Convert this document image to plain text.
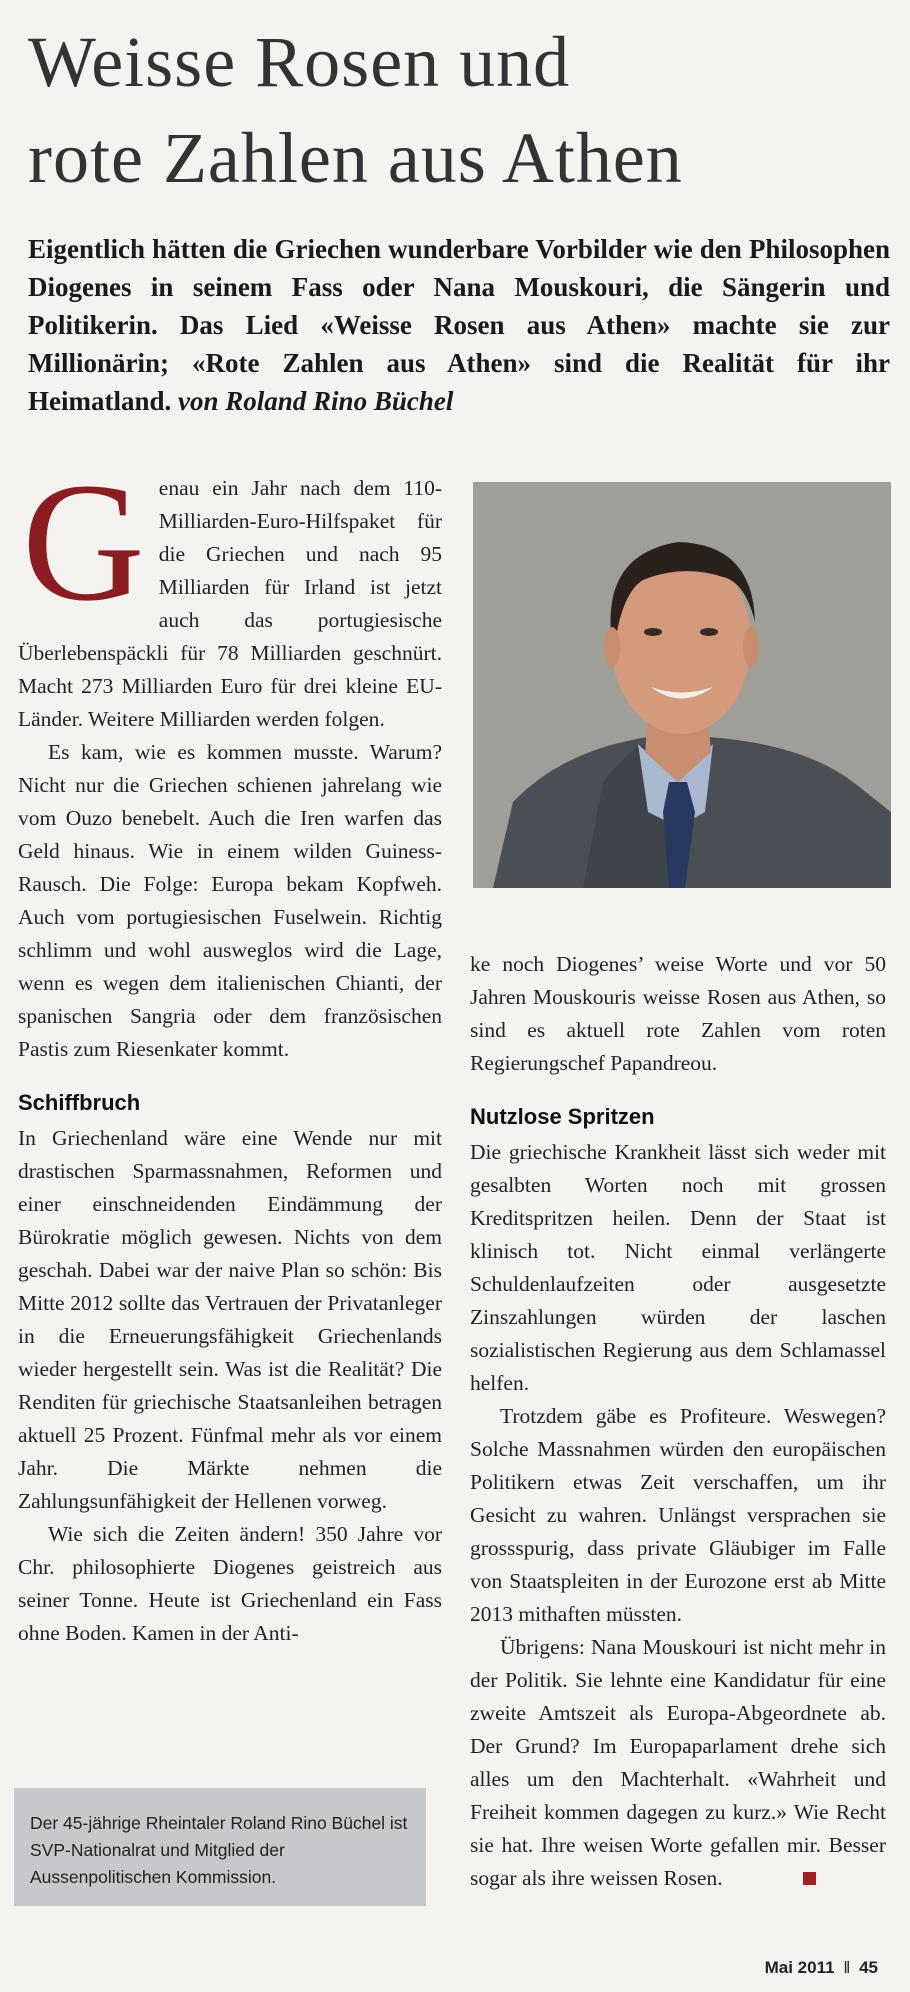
Weisse Rosen und
rote Zahlen aus Athen
Eigentlich hätten die Griechen wunderbare Vorbilder wie den Philosophen Diogenes in seinem Fass oder Nana Mouskouri, die Sängerin und Politikerin. Das Lied «Weisse Rosen aus Athen» machte sie zur Millionärin; «Rote Zahlen aus Athen» sind die Realität für ihr Heimatland. von Roland Rino Büchel

Genau ein Jahr nach dem 110-Milliarden-Euro-Hilfspaket für die Griechen und nach 95 Milliarden für Irland ist jetzt auch das portugiesische Überlebenspäckli für 78 Milliarden geschnürt. Macht 273 Milliarden Euro für drei kleine EU-Länder. Weitere Milliarden werden folgen.

Es kam, wie es kommen musste. Warum? Nicht nur die Griechen schienen jahrelang wie vom Ouzo benebelt. Auch die Iren warfen das Geld hinaus. Wie in einem wilden Guiness-Rausch. Die Folge: Europa bekam Kopfweh. Auch vom portugiesischen Fuselwein. Richtig schlimm und wohl ausweglos wird die Lage, wenn es wegen dem italienischen Chianti, der spanischen Sangria oder dem französischen Pastis zum Riesenkater kommt.

Schiffbruch

In Griechenland wäre eine Wende nur mit drastischen Sparmassnahmen, Reformen und einer einschneidenden Eindämmung der Bürokratie möglich gewesen. Nichts von dem geschah. Dabei war der naive Plan so schön: Bis Mitte 2012 sollte das Vertrauen der Privatanleger in die Erneuerungsfähigkeit Griechenlands wieder hergestellt sein. Was ist die Realität? Die Renditen für griechische Staatsanleihen betragen aktuell 25 Prozent. Fünfmal mehr als vor einem Jahr. Die Märkte nehmen die Zahlungsunfähigkeit der Hellenen vorweg.

Wie sich die Zeiten ändern! 350 Jahre vor Chr. philosophierte Diogenes geistreich aus seiner Tonne. Heute ist Griechenland ein Fass ohne Boden. Kamen in der Anti-

ke noch Diogenes’ weise Worte und vor 50 Jahren Mouskouris weisse Rosen aus Athen, so sind es aktuell rote Zahlen vom roten Regierungschef Papandreou.

Nutzlose Spritzen

Die griechische Krankheit lässt sich weder mit gesalbten Worten noch mit grossen Kreditspritzen heilen. Denn der Staat ist klinisch tot. Nicht einmal verlängerte Schuldenlaufzeiten oder ausgesetzte Zinszahlungen würden der laschen sozialistischen Regierung aus dem Schlamassel helfen.

Trotzdem gäbe es Profiteure. Weswegen? Solche Massnahmen würden den europäischen Politikern etwas Zeit verschaffen, um ihr Gesicht zu wahren. Unlängst versprachen sie grossspurig, dass private Gläubiger im Falle von Staatspleiten in der Eurozone erst ab Mitte 2013 mithaften müssten.

Übrigens: Nana Mouskouri ist nicht mehr in der Politik. Sie lehnte eine Kandidatur für eine zweite Amtszeit als Europa-Abgeordnete ab. Der Grund? Im Europaparlament drehe sich alles um den Machterhalt. «Wahrheit und Freiheit kommen dagegen zu kurz.» Wie Recht sie hat. Ihre weisen Worte gefallen mir. Besser sogar als ihre weissen Rosen.

Der 45-jährige Rheintaler Roland Rino Büchel ist SVP-Nationalrat und Mitglied der Aussenpolitischen Kommission.
Mai 2011 ‖ 45
